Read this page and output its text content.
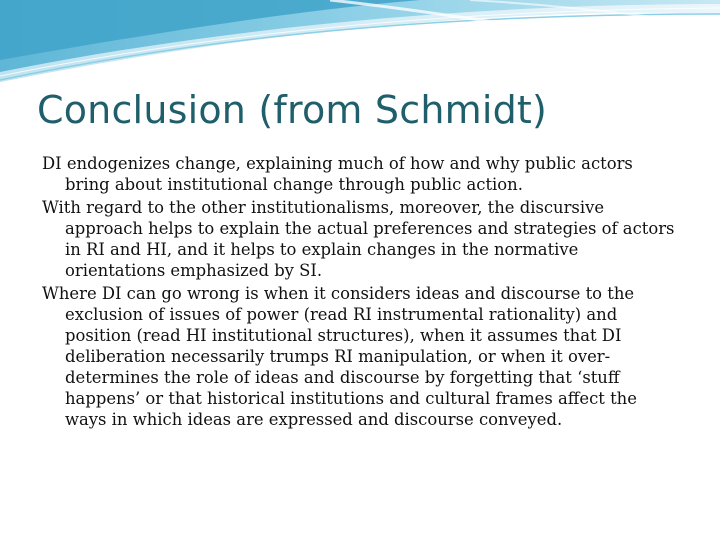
Conclusion (from Schmidt)
DI endogenizes change, explaining much of how and why public actors bring about institutional change through public action.
With regard to the other institutionalisms, moreover, the discursive approach helps to explain the actual preferences and strategies of actors in RI and HI, and it helps to explain changes in the normative orientations emphasized by SI.
Where DI can go wrong is when it considers ideas and discourse to the exclusion of issues of power (read RI instrumental rationality) and position (read HI institutional structures), when it assumes that DI deliberation necessarily trumps RI manipulation, or when it over-determines the role of ideas and discourse by forgetting that ‘stuff happens’ or that historical institutions and cultural frames affect the ways in which ideas are expressed and discourse conveyed.
